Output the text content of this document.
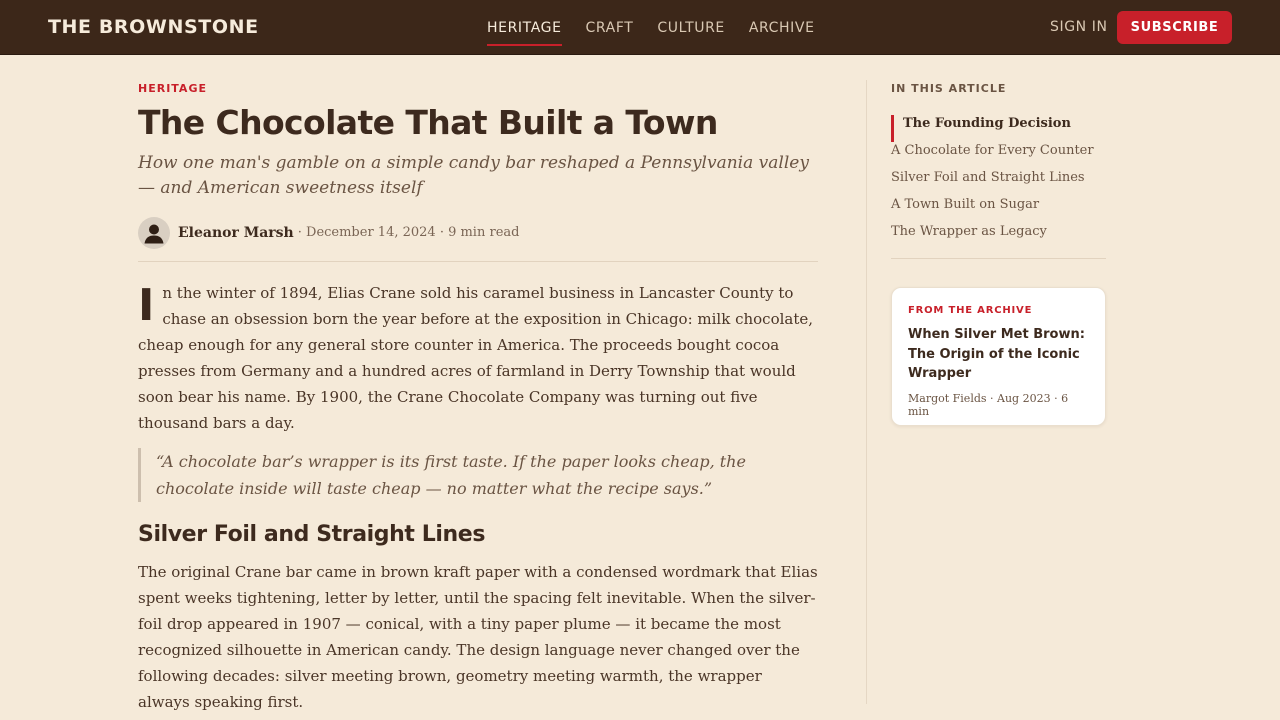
THE BROWNSTONE	HERITAGE CRAFT CULTURE ARCHIVE	SIGN IN	SUBSCRIBE
HERITAGE
The Chocolate That Built a Town

How one man's gamble on a simple candy bar reshaped a Pennsylvania valley — and American sweetness itself

Eleanor Marsh · December 14, 2024 · 9 min read

In the winter of 1894, Elias Crane sold his caramel business in Lancaster County to chase an obsession born the year before at the exposition in Chicago: milk chocolate, cheap enough for any general store counter in America. The proceeds bought cocoa presses from Germany and a hundred acres of farmland in Derry Township that would soon bear his name. By 1900, the Crane Chocolate Company was turning out five thousand bars a day.

“A chocolate bar’s wrapper is its first taste. If the paper looks cheap, the chocolate inside will taste cheap — no matter what the recipe says.”
Silver Foil and Straight Lines

The original Crane bar came in brown kraft paper with a condensed wordmark that Elias spent weeks tightening, letter by letter, until the spacing felt inevitable. When the silver-foil drop appeared in 1907 — conical, with a tiny paper plume — it became the most recognized silhouette in American candy. The design language never changed over the following decades: silver meeting brown, geometry meeting warmth, the wrapper always speaking first.

IN THIS ARTICLE
The Founding Decision
A Chocolate for Every Counter
Silver Foil and Straight Lines
A Town Built on Sugar
The Wrapper as Legacy
FROM THE ARCHIVE
When Silver Met Brown: The Origin of the Iconic Wrapper
Margot Fields · Aug 2023 · 6 min
